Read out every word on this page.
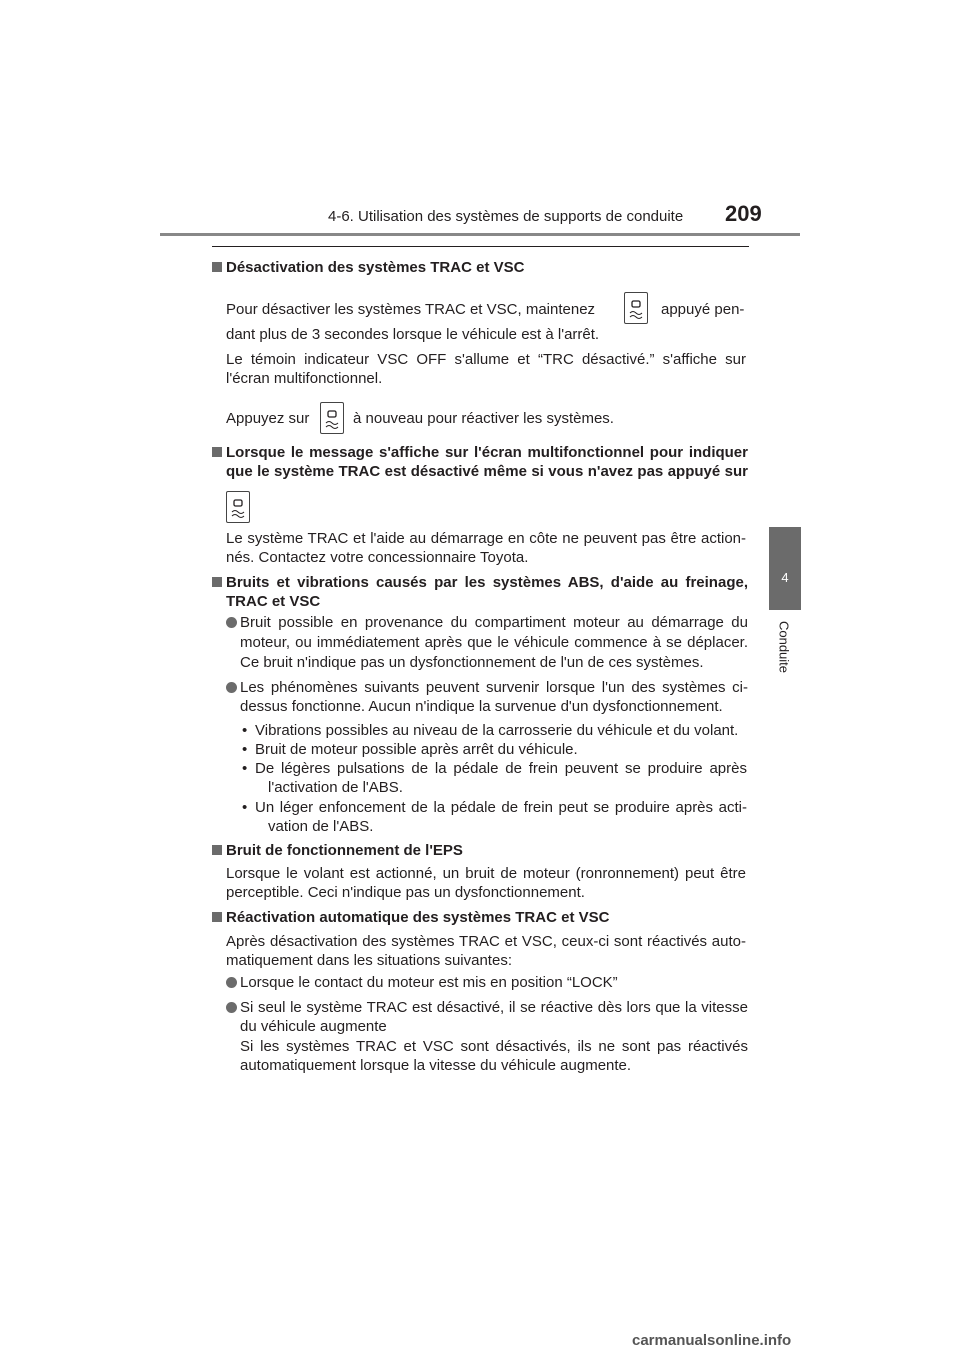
4-6. Utilisation des systèmes de supports de conduite 209
4
Conduite
Désactivation des systèmes TRAC et VSC
Pour désactiver les systèmes TRAC et VSC, maintenez	appuyé pen-
dant plus de 3 secondes lorsque le véhicule est à l'arrêt.
Le témoin indicateur VSC OFF s'allume et “TRC désactivé.” s'affiche sur
l'écran multifonctionnel.
Appuyez sur	à nouveau pour réactiver les systèmes.
Lorsque le message s'affiche sur l'écran multifonctionnel pour indiquer
que le système TRAC est désactivé même si vous n'avez pas appuyé sur
Le système TRAC et l'aide au démarrage en côte ne peuvent pas être action-
nés. Contactez votre concessionnaire Toyota.
Bruits et vibrations causés par les systèmes ABS, d'aide au freinage,
TRAC et VSC
Bruit possible en provenance du compartiment moteur au démarrage du
moteur, ou immédiatement après que le véhicule commence à se déplacer.
Ce bruit n'indique pas un dysfonctionnement de l'un de ces systèmes.
Les phénomènes suivants peuvent survenir lorsque l'un des systèmes ci-
dessus fonctionne. Aucun n'indique la survenue d'un dysfonctionnement.
• Vibrations possibles au niveau de la carrosserie du véhicule et du volant.
• Bruit de moteur possible après arrêt du véhicule.
• De légères pulsations de la pédale de frein peuvent se produire après
l'activation de l'ABS.
• Un léger enfoncement de la pédale de frein peut se produire après acti-
vation de l'ABS.
Bruit de fonctionnement de l'EPS
Lorsque le volant est actionné, un bruit de moteur (ronronnement) peut être
perceptible. Ceci n'indique pas un dysfonctionnement.
Réactivation automatique des systèmes TRAC et VSC
Après désactivation des systèmes TRAC et VSC, ceux-ci sont réactivés auto-
matiquement dans les situations suivantes:
Lorsque le contact du moteur est mis en position “LOCK”
Si seul le système TRAC est désactivé, il se réactive dès lors que la vitesse
du véhicule augmente
Si les systèmes TRAC et VSC sont désactivés, ils ne sont pas réactivés
automatiquement lorsque la vitesse du véhicule augmente.
carmanualsonline.info
